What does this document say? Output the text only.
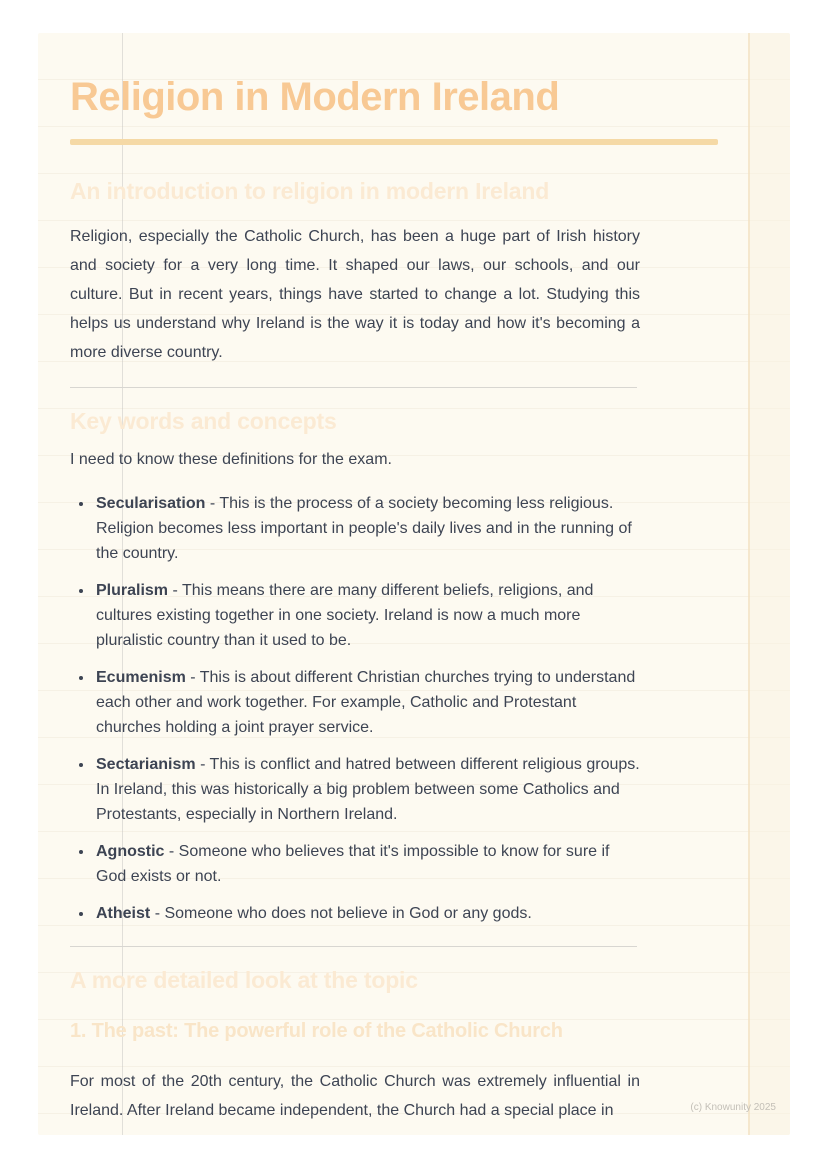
Religion in Modern Ireland
An introduction to religion in modern Ireland

Religion, especially the Catholic Church, has been a huge part of Irish history and society for a very long time. It shaped our laws, our schools, and our culture. But in recent years, things have started to change a lot. Studying this helps us understand why Ireland is the way it is today and how it's becoming a more diverse country.

Key words and concepts

I need to know these definitions for the exam.

• Secularisation - This is the process of a society becoming less religious. Religion becomes less important in people's daily lives and in the running of the country.
• Pluralism - This means there are many different beliefs, religions, and cultures existing together in one society. Ireland is now a much more pluralistic country than it used to be.
• Ecumenism - This is about different Christian churches trying to understand each other and work together. For example, Catholic and Protestant churches holding a joint prayer service.
• Sectarianism - This is conflict and hatred between different religious groups. In Ireland, this was historically a big problem between some Catholics and Protestants, especially in Northern Ireland.
• Agnostic - Someone who believes that it's impossible to know for sure if God exists or not.
• Atheist - Someone who does not believe in God or any gods.
A more detailed look at the topic
1. The past: The powerful role of the Catholic Church

For most of the 20th century, the Catholic Church was extremely influential in Ireland. After Ireland became independent, the Church had a special place in	(c) Knowunity 2025
